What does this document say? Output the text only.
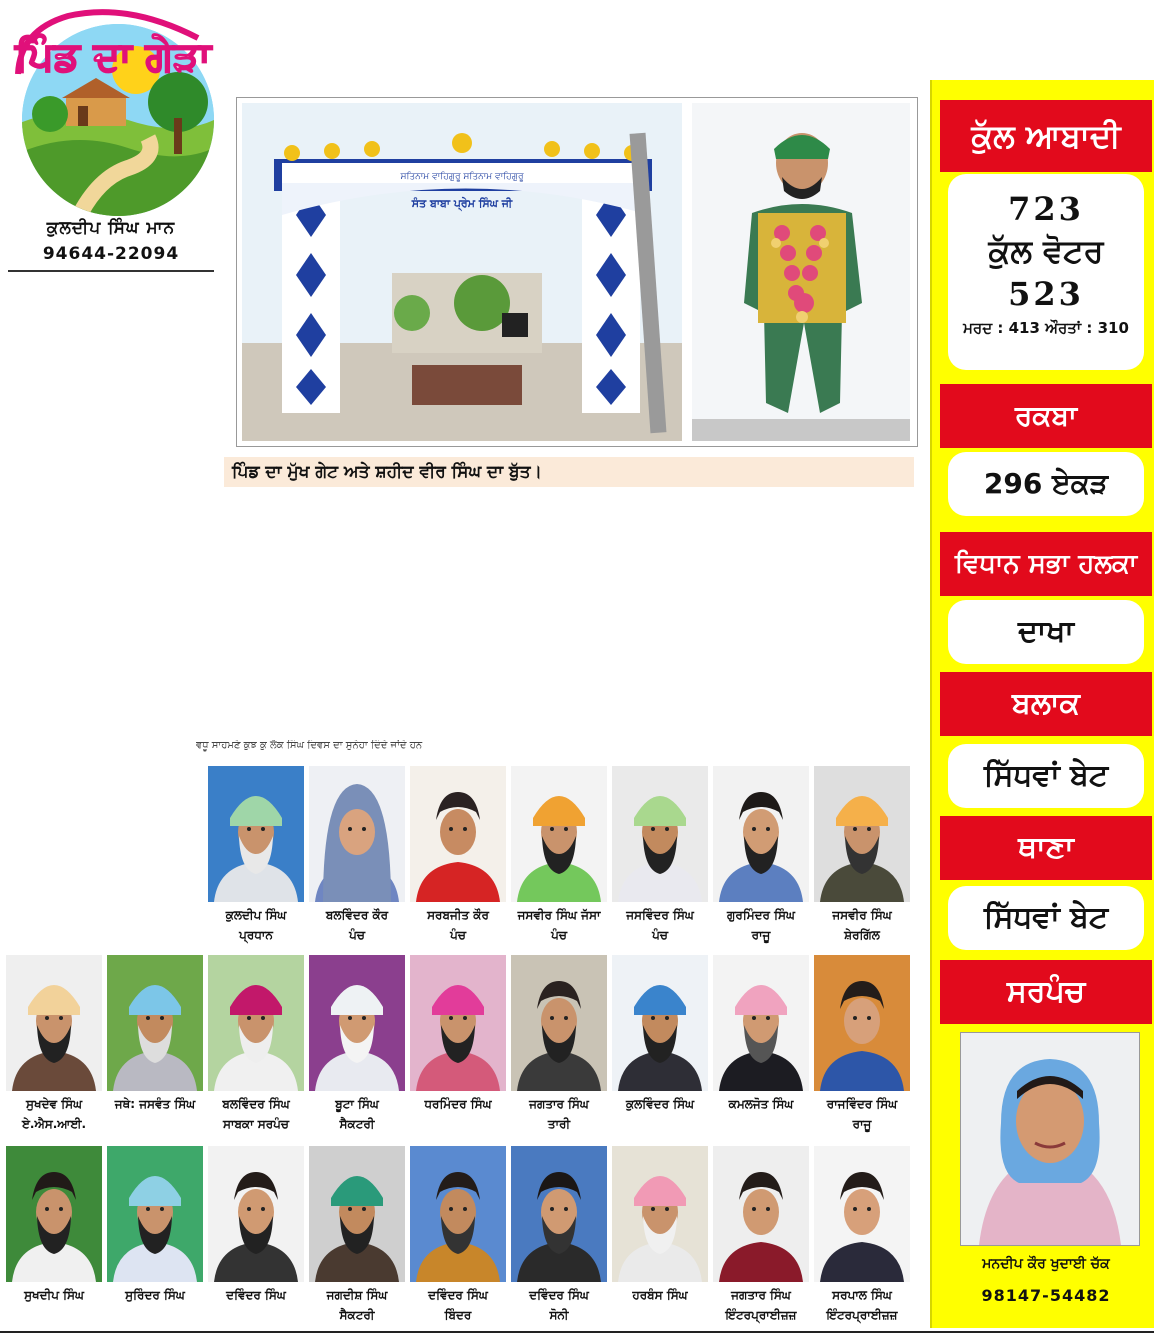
ਪਿੰਡ ਦਾ ਗੇੜਾ
ਕੁਲਦੀਪ ਸਿੰਘ ਮਾਨ
94644-22094
ਸਤਿਨਾਮ ਵਾਹਿਗੁਰੂ ਸਤਿਨਾਮ ਵਾਹਿਗੁਰੂ
ਸੰਤ ਬਾਬਾ ਪ੍ਰੇਮ ਸਿੰਘ ਜੀ
ਪਿੰਡ ਦਾ ਮੁੱਖ ਗੇਟ ਅਤੇ ਸ਼ਹੀਦ ਵੀਰ ਸਿੰਘ ਦਾ ਬੁੱਤ।
ਕੁੱਲ ਆਬਾਦੀ
723
ਕੁੱਲ ਵੋਟਰ
523
ਮਰਦ : 413 ਔਰਤਾਂ : 310
ਰਕਬਾ
296 ਏਕੜ
ਵਿਧਾਨ ਸਭਾ ਹਲਕਾ
ਦਾਖਾ
ਬਲਾਕ
ਸਿੱਧਵਾਂ ਬੇਟ
ਥਾਣਾ
ਸਿੱਧਵਾਂ ਬੇਟ
ਸਰਪੰਚ
ਮਨਦੀਪ ਕੌਰ ਖੁਦਾਈ ਚੱਕ
98147-54482
ਵਧੂ ਸਾਹਮਣੇ ਕੁਝ ਕੁ ਲੋਕ ਸਿੰਘ ਦਿਵਸ ਦਾ ਸੁਨੇਹਾ ਦਿੰਦੇ ਜਾਂਦੇ ਹਨ
ਕੁਲਦੀਪ ਸਿੰਘ
ਪ੍ਰਧਾਨ
ਬਲਵਿੰਦਰ ਕੌਰ
ਪੰਚ
ਸਰਬਜੀਤ ਕੌਰ
ਪੰਚ
ਜਸਵੀਰ ਸਿੰਘ ਜੱਸਾ
ਪੰਚ
ਜਸਵਿੰਦਰ ਸਿੰਘ
ਪੰਚ
ਗੁਰਮਿੰਦਰ ਸਿੰਘ
ਰਾਜੂ
ਜਸਵੀਰ ਸਿੰਘ
ਸ਼ੇਰਗਿੱਲ
ਸੁਖਦੇਵ ਸਿੰਘ
ਏ.ਐਸ.ਆਈ.
ਜਥੇ: ਜਸਵੰਤ ਸਿੰਘ	ਬਲਵਿੰਦਰ ਸਿੰਘ
ਸਾਬਕਾ ਸਰਪੰਚ
ਬੂਟਾ ਸਿੰਘ
ਸੈਕਟਰੀ
ਧਰਮਿੰਦਰ ਸਿੰਘ	ਜਗਤਾਰ ਸਿੰਘ
ਤਾਰੀ
ਕੁਲਵਿੰਦਰ ਸਿੰਘ	ਕਮਲਜੋਤ ਸਿੰਘ	ਰਾਜਵਿੰਦਰ ਸਿੰਘ
ਰਾਜੂ
ਸੁਖਦੀਪ ਸਿੰਘ	ਸੁਰਿੰਦਰ ਸਿੰਘ	ਦਵਿੰਦਰ ਸਿੰਘ	ਜਗਦੀਸ਼ ਸਿੰਘ
ਸੈਕਟਰੀ
ਦਵਿੰਦਰ ਸਿੰਘ
ਬਿੰਦਰ
ਦਵਿੰਦਰ ਸਿੰਘ
ਸੋਨੀ
ਹਰਬੰਸ ਸਿੰਘ	ਜਗਤਾਰ ਸਿੰਘ
ਇੰਟਰਪ੍ਰਾਈਜ਼ਜ਼
ਸਰਪਾਲ ਸਿੰਘ
ਇੰਟਰਪ੍ਰਾਈਜ਼ਜ਼
